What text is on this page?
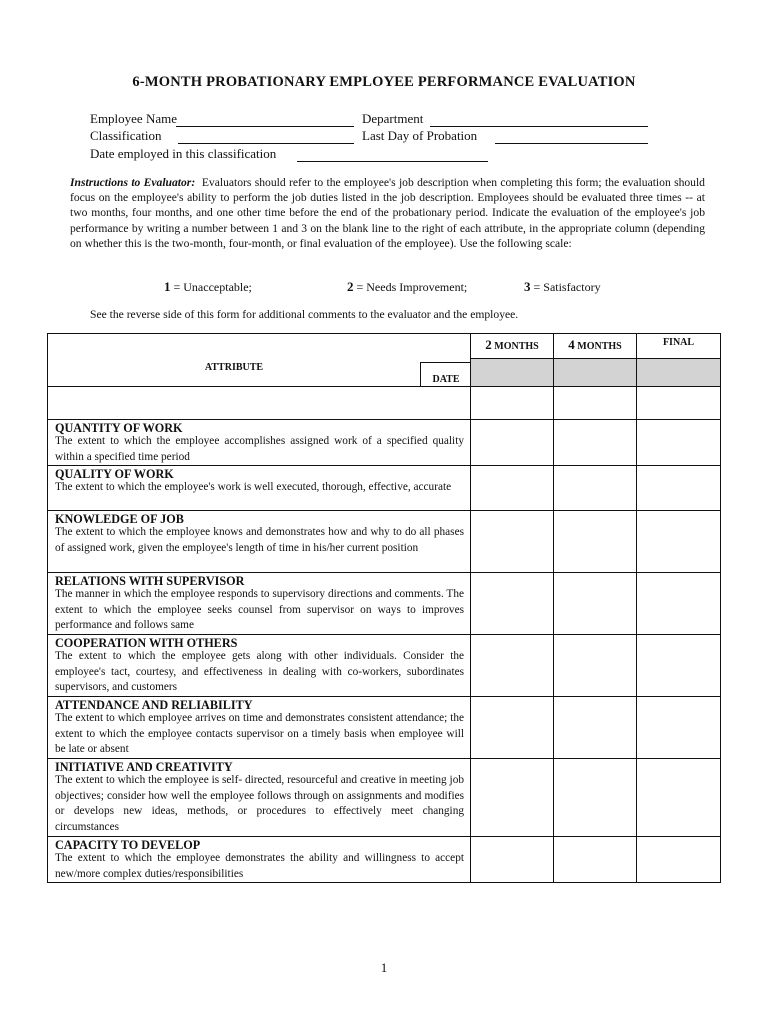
6-MONTH PROBATIONARY EMPLOYEE PERFORMANCE EVALUATION
Employee Name	Department
Classification	Last Day of Probation
Date employed in this classification
Instructions to Evaluator: Evaluators should refer to the employee's job description when completing this form; the evaluation should focus on the employee's ability to perform the job duties listed in the job description. Employees should be evaluated three times -- at two months, four months, and one other time before the end of the probationary period. Indicate the evaluation of the employee's job performance by writing a number between 1 and 3 on the blank line to the right of each attribute, in the appropriate column (depending on whether this is the two-month, four-month, or final evaluation of the employee). Use the following scale:
1 = Unacceptable;	2 = Needs Improvement;	3 = Satisfactory
See the reverse side of this form for additional comments to the evaluator and the employee.
ATTRIBUTE
DATE	2 MONTHS	4 MONTHS	FINAL

QUANTITY OF WORK
The extent to which the employee accomplishes assigned work of a specified quality within a specified time period			

QUALITY OF WORK
The extent to which the employee's work is well executed, thorough, effective, accurate			

KNOWLEDGE OF JOB
The extent to which the employee knows and demonstrates how and why to do all phases of assigned work, given the employee's length of time in his/her current position			

RELATIONS WITH SUPERVISOR
The manner in which the employee responds to supervisory directions and comments. The extent to which the employee seeks counsel from supervisor on ways to improves performance and follows same			

COOPERATION WITH OTHERS
The extent to which the employee gets along with other individuals. Consider the employee's tact, courtesy, and effectiveness in dealing with co-workers, subordinates supervisors, and customers			

ATTENDANCE AND RELIABILITY
The extent to which employee arrives on time and demonstrates consistent attendance; the extent to which the employee contacts supervisor on a timely basis when employee will be late or absent			

INITIATIVE AND CREATIVITY
The extent to which the employee is self- directed, resourceful and creative in meeting job objectives; consider how well the employee follows through on assignments and modifies or develops new ideas, methods, or procedures to effectively meet changing circumstances			

CAPACITY TO DEVELOP
The extent to which the employee demonstrates the ability and willingness to accept new/more complex duties/responsibilities			

1
